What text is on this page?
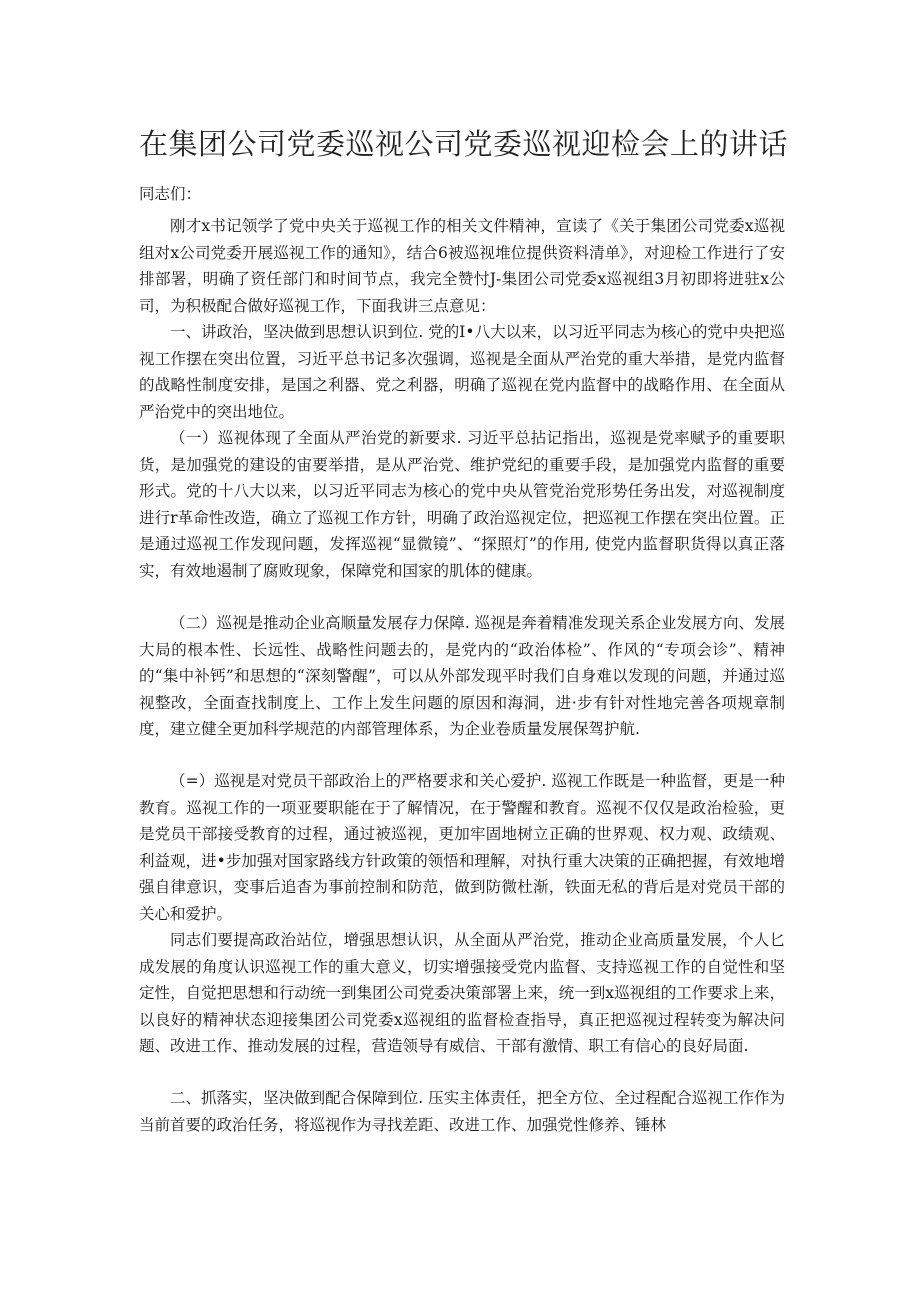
在集团公司党委巡视公司党委巡视迎检会上的讲话
同志们：

刚才x书记领学了党中央关于巡视工作的相关文件精神，宣读了《关于集团公司党委x巡视组对x公司党委开展巡视工作的通知》，结合6被巡视堆位提供资料清单》，对迎检工作进行了安排部署，明确了资任部门和时间节点，我完全赞忖J-集团公司党委x巡视组3月初即将进驻x公司，为积极配合做好巡视工作，下面我讲三点意见：

一、讲政治，坚决做到思想认识到位. 党的I•八大以来，以习近平同志为核心的党中央把巡视工作摆在突出位置，习近平总书记多次强调，巡视是全面从严治党的重大举措，是党内监督的战略性制度安排，是国之利器、党之利器，明确了巡视在党内监督中的战略作用、在全面从严治党中的突出地位。

（一）巡视体现了全面从严治党的新要求. 习近平总拈记指出，巡视是党率赋予的重要职货，是加强党的建设的宙要举措，是从严治党、维护党纪的重要手段，是加强党内监督的重要形式。党的十八大以来，以习近平同志为核心的党中央从管党治党形势任务出发，对巡视制度进行r革命性改造，确立了巡视工作方针，明确了政治巡视定位，把巡视工作摆在突出位置。正是通过巡视工作发现问题，发挥巡视“显微镜”、“探照灯”的作用, 使党内监督职货得以真正落实，有效地遏制了腐败现象，保障党和国家的肌体的健康。

（二）巡视是推动企业高顺量发展存力保障. 巡视是奔着精准发现关系企业发展方向、发展大局的根本性、长远性、战略性问题去的，是党内的“政治体检”、作风的“专项会诊”、精神的“集中补钙”和思想的“深刻警醒”，可以从外部发现平时我们自身难以发现的问题，并通过巡视整改，全面查找制度上、工作上发生问题的原因和海洞，进·步有针对性地完善各项规章制度，建立健全更加科学规范的内部管理体系，为企业卷质量发展保驾护航.

（=）巡视是对党员干部政治上的严格要求和关心爱护. 巡视工作既是一种监督，更是一种教育。巡视工作的一项亚要职能在于了解情况，在于警醒和教育。巡视不仅仅是政治检验，更是党员干部接受教育的过程，通过被巡视，更加牢固地树立正确的世界观、权力观、政绩观、利益观，进•步加强对国家路线方针政策的领悟和理解，对执行重大决策的正确把握，有效地增强自律意识，变事后追杳为事前控制和防范，做到防微杜渐，铁面无私的背后是对党员干部的关心和爱护。

同志们要提高政治站位，增强思想认识，从全面从严治党，推动企业高质量发展，个人匕成发展的角度认识巡视工作的重大意义，切实增强接受党内监督、支持巡视工作的自觉性和坚定性，自觉把思想和行动统一到集团公司党委决策部署上来，统一到x巡视组的工作要求上来，以良好的精神状态迎接集团公司党委x巡视组的监督检查指导，真正把巡视过程转变为解决问题、改进工作、推动发展的过程，营造领导有威信、干部有激情、职工有信心的良好局面.

二、抓落实，坚决做到配合保障到位. 压实主体责任，把全方位、全过程配合巡视工作作为当前首要的政治任务，将巡视作为寻找差距、改进工作、加强党性修养、锤林
